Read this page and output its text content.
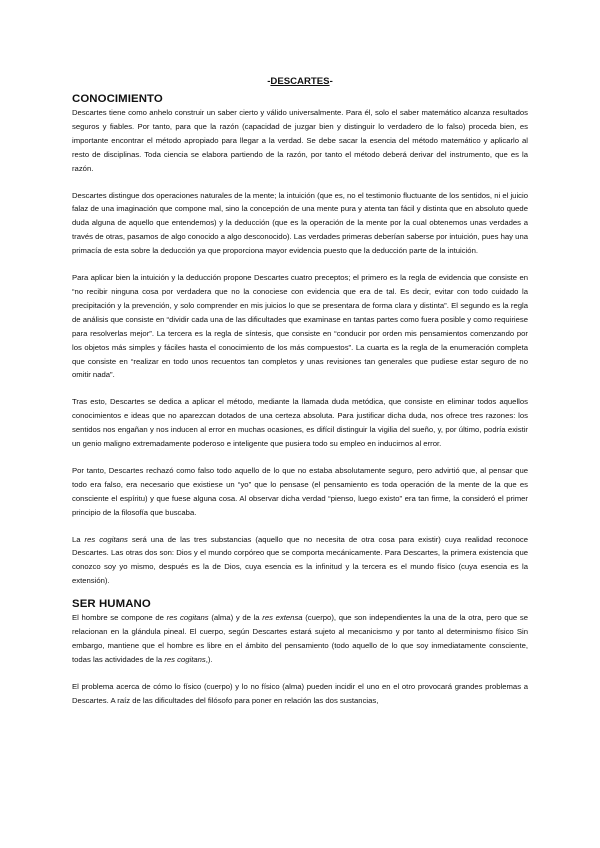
-DESCARTES-
CONOCIMIENTO

Descartes tiene como anhelo construir un saber cierto y válido universalmente. Para él, solo el saber matemático alcanza resultados seguros y fiables. Por tanto, para que la razón (capacidad de juzgar bien y distinguir lo verdadero de lo falso) proceda bien, es importante encontrar el método apropiado para llegar a la verdad. Se debe sacar la esencia del método matemático y aplicarlo al resto de disciplinas. Toda ciencia se elabora partiendo de la razón, por tanto el método deberá derivar del instrumento, que es la razón.

Descartes distingue dos operaciones naturales de la mente; la intuición (que es, no el testimonio fluctuante de los sentidos, ni el juicio falaz de una imaginación que compone mal, sino la concepción de una mente pura y atenta tan fácil y distinta que en absoluto quede duda alguna de aquello que entendemos) y la deducción (que es la operación de la mente por la cual obtenemos unas verdades a través de otras, pasamos de algo conocido a algo desconocido). Las verdades primeras deberían saberse por intuición, pues hay una primacía de esta sobre la deducción ya que proporciona mayor evidencia puesto que la deducción parte de la intuición.

Para aplicar bien la intuición y la deducción propone Descartes cuatro preceptos; el primero es la regla de evidencia que consiste en “no recibir ninguna cosa por verdadera que no la conociese con evidencia que era de tal. Es decir, evitar con todo cuidado la precipitación y la prevención, y solo comprender en mis juicios lo que se presentara de forma clara y distinta”. El segundo es la regla de análisis que consiste en “dividir cada una de las dificultades que examinase en tantas partes como fuera posible y como requiriese para resolverlas mejor”. La tercera es la regla de síntesis, que consiste en “conducir por orden mis pensamientos comenzando por los objetos más simples y fáciles hasta el conocimiento de los más compuestos”. La cuarta es la regla de la enumeración completa que consiste en “realizar en todo unos recuentos tan completos y unas revisiones tan generales que pudiese estar seguro de no omitir nada”.

Tras esto, Descartes se dedica a aplicar el método, mediante la llamada duda metódica, que consiste en eliminar todos aquellos conocimientos e ideas que no aparezcan dotados de una certeza absoluta. Para justificar dicha duda, nos ofrece tres razones: los sentidos nos engañan y nos inducen al error en muchas ocasiones, es difícil distinguir la vigilia del sueño, y, por último, podría existir un genio maligno extremadamente poderoso e inteligente que pusiera todo su empleo en inducirnos al error.

Por tanto, Descartes rechazó como falso todo aquello de lo que no estaba absolutamente seguro, pero advirtió que, al pensar que todo era falso, era necesario que existiese un “yo” que lo pensase (el pensamiento es toda operación de la mente de la que es consciente el espíritu) y que fuese alguna cosa. Al observar dicha verdad “pienso, luego existo” era tan firme, la consideró el primer principio de la filosofía que buscaba.

La res cogitans será una de las tres substancias (aquello que no necesita de otra cosa para existir) cuya realidad reconoce Descartes. Las otras dos son: Dios y el mundo corpóreo que se comporta mecánicamente. Para Descartes, la primera existencia que conozco soy yo mismo, después es la de Dios, cuya esencia es la infinitud y la tercera es el mundo físico (cuya esencia es la extensión).

SER HUMANO

El hombre se compone de res cogitans (alma) y de la res extensa (cuerpo), que son independientes la una de la otra, pero que se relacionan en la glándula pineal. El cuerpo, según Descartes estará sujeto al mecanicismo y por tanto al determinismo físico Sin embargo, mantiene que el hombre es libre en el ámbito del pensamiento (todo aquello de lo que soy inmediatamente consciente, todas las actividades de la res cogitans,).

El problema acerca de cómo lo físico (cuerpo) y lo no físico (alma) pueden incidir el uno en el otro provocará grandes problemas a Descartes. A raíz de las dificultades del filósofo para poner en relación las dos sustancias,
